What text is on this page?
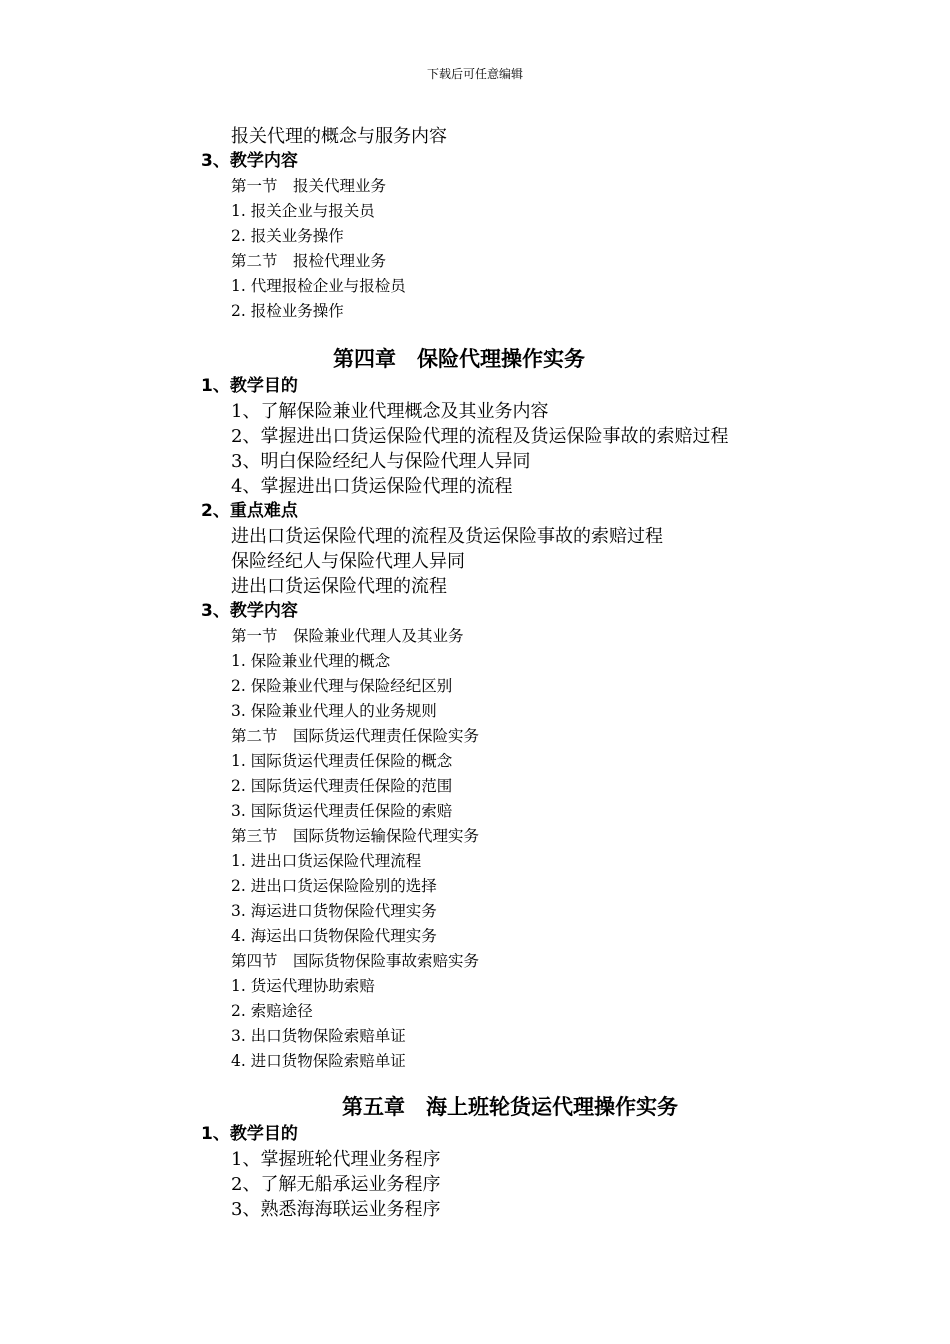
下载后可任意编辑
报关代理的概念与服务内容
3、教学内容
第一节　报关代理业务
1. 报关企业与报关员
2. 报关业务操作
第二节　报检代理业务
1. 代理报检企业与报检员
2. 报检业务操作
第四章　保险代理操作实务
1、教学目的
1、了解保险兼业代理概念及其业务内容
2、掌握进出口货运保险代理的流程及货运保险事故的索赔过程
3、明白保险经纪人与保险代理人异同
4、掌握进出口货运保险代理的流程
2、重点难点
进出口货运保险代理的流程及货运保险事故的索赔过程
保险经纪人与保险代理人异同
进出口货运保险代理的流程
3、教学内容
第一节　保险兼业代理人及其业务
1. 保险兼业代理的概念
2. 保险兼业代理与保险经纪区别
3. 保险兼业代理人的业务规则
第二节　国际货运代理责任保险实务
1. 国际货运代理责任保险的概念
2. 国际货运代理责任保险的范围
3. 国际货运代理责任保险的索赔
第三节　国际货物运输保险代理实务
1. 进出口货运保险代理流程
2. 进出口货运保险险别的选择
3. 海运进口货物保险代理实务
4. 海运出口货物保险代理实务
第四节　国际货物保险事故索赔实务
1. 货运代理协助索赔
2. 索赔途径
3. 出口货物保险索赔单证
4. 进口货物保险索赔单证
第五章　海上班轮货运代理操作实务
1、教学目的
1、掌握班轮代理业务程序
2、了解无船承运业务程序
3、熟悉海海联运业务程序
